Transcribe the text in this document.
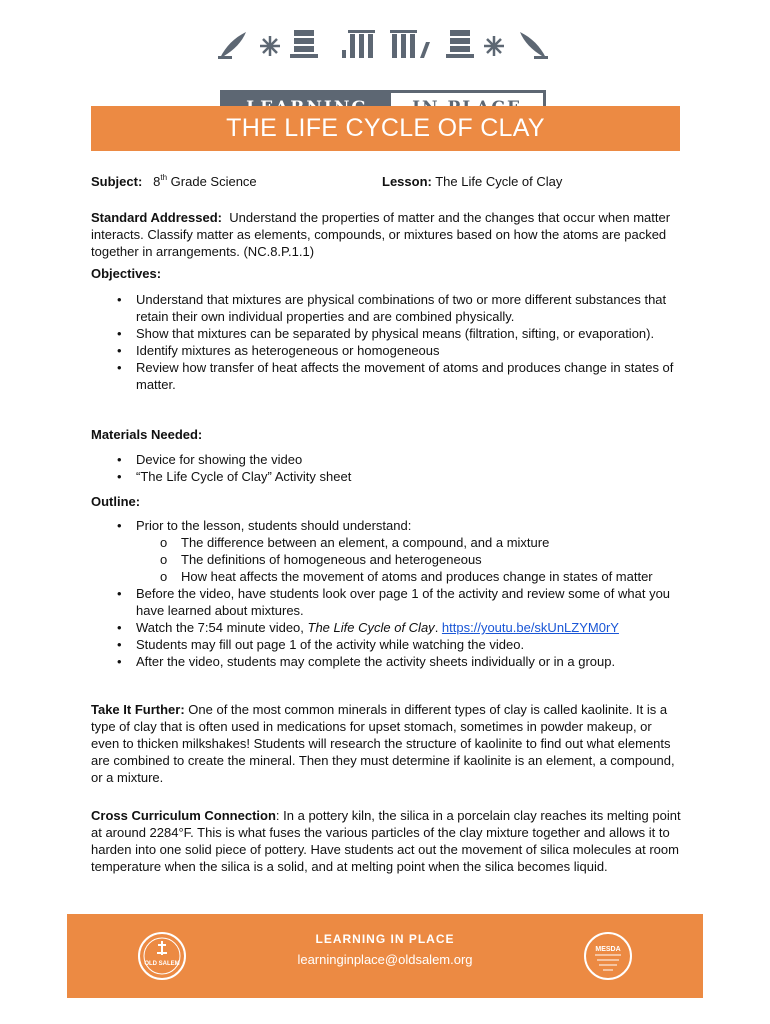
THE LIFE CYCLE OF CLAY
Subject: 8th Grade Science	Lesson: The Life Cycle of Clay
Standard Addressed: Understand the properties of matter and the changes that occur when matter interacts. Classify matter as elements, compounds, or mixtures based on how the atoms are packed together in arrangements. (NC.8.P.1.1)
Objectives:
• Understand that mixtures are physical combinations of two or more different substances that retain their own individual properties and are combined physically.
• Show that mixtures can be separated by physical means (filtration, sifting, or evaporation).
• Identify mixtures as heterogeneous or homogeneous
• Review how transfer of heat affects the movement of atoms and produces change in states of matter.
Materials Needed:
• Device for showing the video
• “The Life Cycle of Clay” Activity sheet
Outline:
• Prior to the lesson, students should understand:
o The difference between an element, a compound, and a mixture
o The definitions of homogeneous and heterogeneous
o How heat affects the movement of atoms and produces change in states of matter
• Before the video, have students look over page 1 of the activity and review some of what you have learned about mixtures.
• Watch the 7:54 minute video, The Life Cycle of Clay. https://youtu.be/skUnLZYM0rY
• Students may fill out page 1 of the activity while watching the video.
• After the video, students may complete the activity sheets individually or in a group.
Take It Further: One of the most common minerals in different types of clay is called kaolinite. It is a type of clay that is often used in medications for upset stomach, sometimes in powder makeup, or even to thicken milkshakes! Students will research the structure of kaolinite to find out what elements are combined to create the mineral. Then they must determine if kaolinite is an element, a compound, or a mixture.
Cross Curriculum Connection: In a pottery kiln, the silica in a porcelain clay reaches its melting point at around 2284°F. This is what fuses the various particles of the clay mixture together and allows it to harden into one solid piece of pottery. Have students act out the movement of silica molecules at room temperature when the silica is a solid, and at melting point when the silica becomes liquid.
OLD SALEM
LEARNING IN PLACE
learninginplace@oldsalem.org
MESDA
